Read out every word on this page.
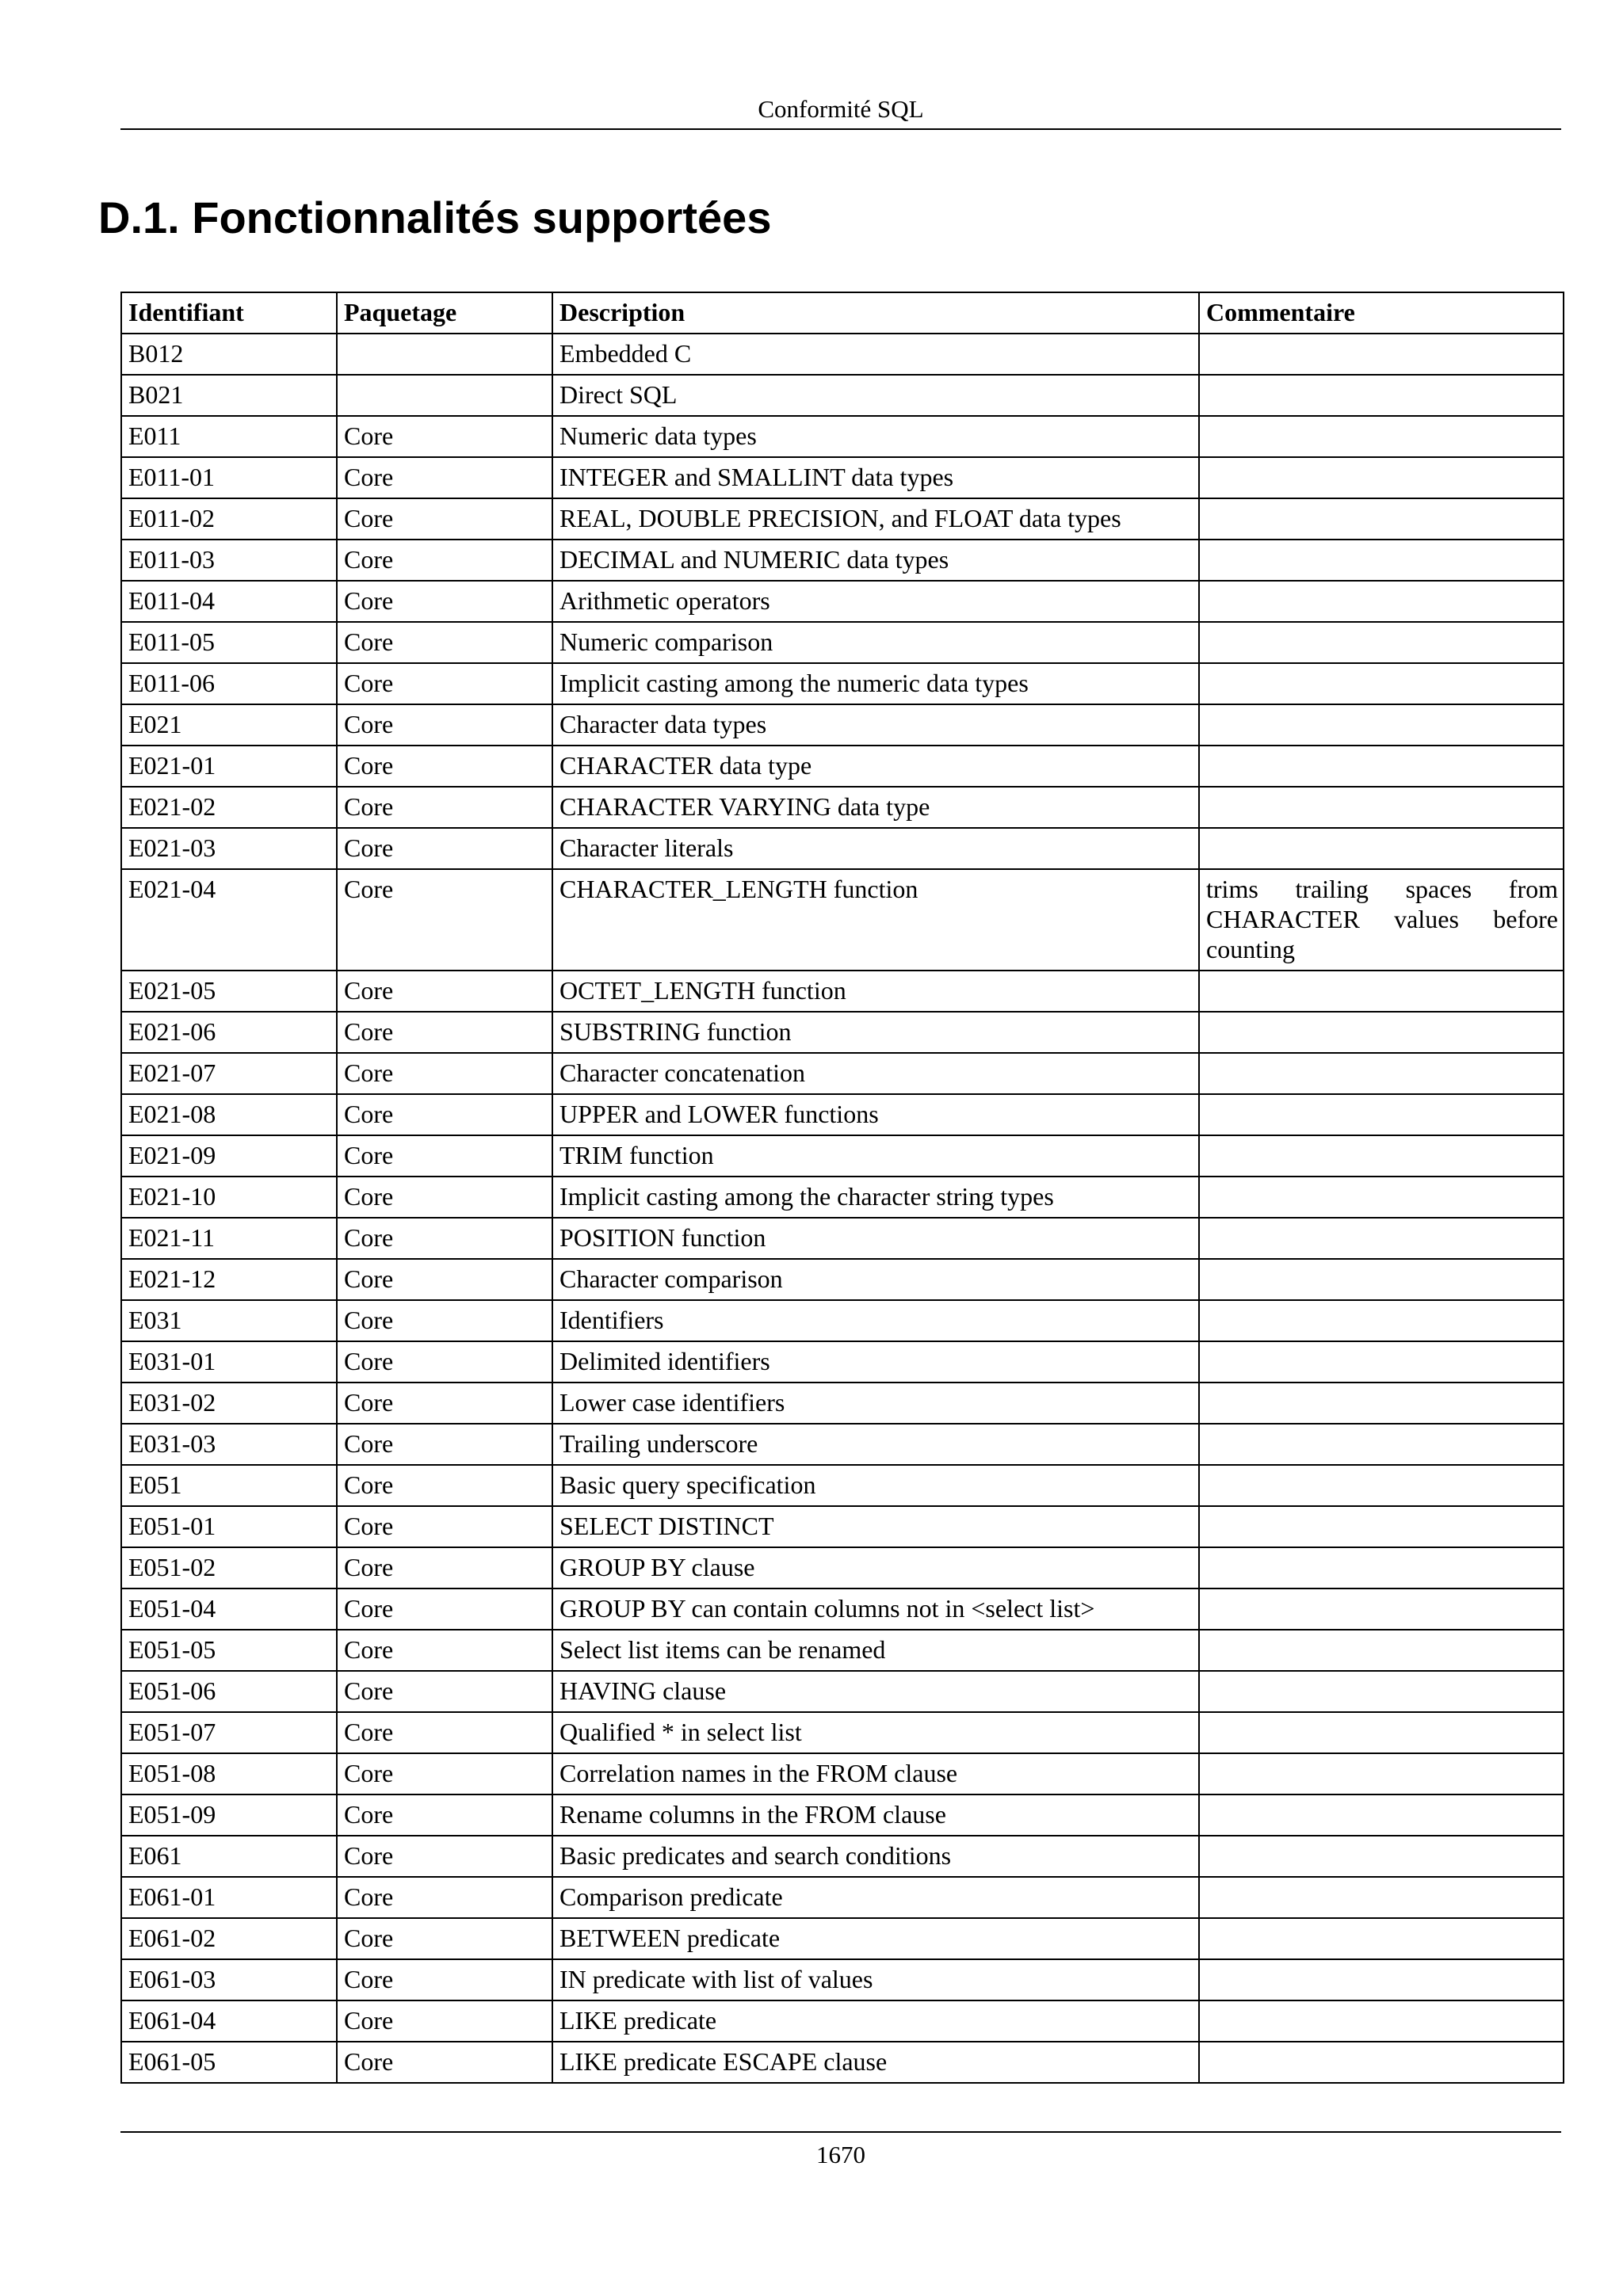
Conformité SQL
D.1. Fonctionnalités supportées
Identifiant	Paquetage	Description	Commentaire
B012		Embedded C	
B021		Direct SQL	
E011	Core	Numeric data types	
E011-01	Core	INTEGER and SMALLINT data types	
E011-02	Core	REAL, DOUBLE PRECISION, and FLOAT data types	
E011-03	Core	DECIMAL and NUMERIC data types	
E011-04	Core	Arithmetic operators	
E011-05	Core	Numeric comparison	
E011-06	Core	Implicit casting among the numeric data types	
E021	Core	Character data types	
E021-01	Core	CHARACTER data type	
E021-02	Core	CHARACTER VARYING data type	
E021-03	Core	Character literals	
E021-04	Core	CHARACTER_LENGTH function	trims trailing spaces from CHARACTER values before counting
E021-05	Core	OCTET_LENGTH function	
E021-06	Core	SUBSTRING function	
E021-07	Core	Character concatenation	
E021-08	Core	UPPER and LOWER functions	
E021-09	Core	TRIM function	
E021-10	Core	Implicit casting among the character string types	
E021-11	Core	POSITION function	
E021-12	Core	Character comparison	
E031	Core	Identifiers	
E031-01	Core	Delimited identifiers	
E031-02	Core	Lower case identifiers	
E031-03	Core	Trailing underscore	
E051	Core	Basic query specification	
E051-01	Core	SELECT DISTINCT	
E051-02	Core	GROUP BY clause	
E051-04	Core	GROUP BY can contain columns not in <select list>	
E051-05	Core	Select list items can be renamed	
E051-06	Core	HAVING clause	
E051-07	Core	Qualified * in select list	
E051-08	Core	Correlation names in the FROM clause	
E051-09	Core	Rename columns in the FROM clause	
E061	Core	Basic predicates and search conditions	
E061-01	Core	Comparison predicate	
E061-02	Core	BETWEEN predicate	
E061-03	Core	IN predicate with list of values	
E061-04	Core	LIKE predicate	
E061-05	Core	LIKE predicate ESCAPE clause	
1670
